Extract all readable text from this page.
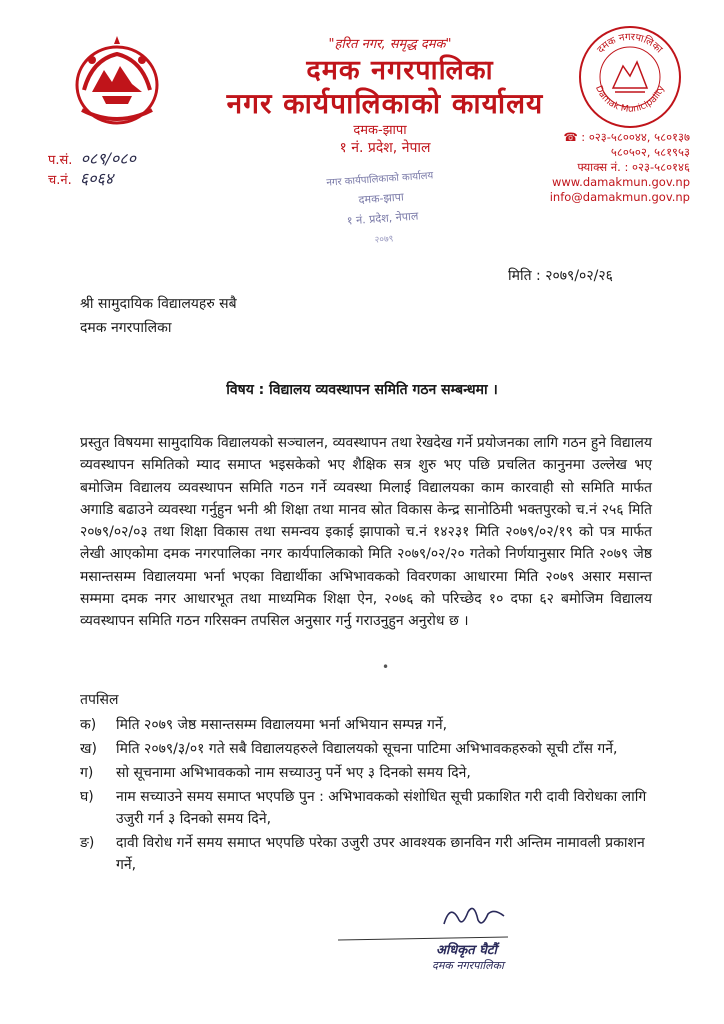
"हरित नगर, समृद्ध दमक"
दमक नगरपालिका
नगर कार्यपालिकाको कार्यालय
दमक-झापा
१ नं. प्रदेश, नेपाल
दमक नगरपालिका
Damak Municipality
☎ : ०२३-५८००४४, ५८०१३७
५८०५०२, ५८१९५३
फ्याक्स नं. : ०२३-५८०१४६
www.damakmun.gov.np
info@damakmun.gov.np
प.सं. ०८९/०८०
च.नं. ६०६४	नगर कार्यपालिकाको कार्यालय
दमक-झापा
१ नं. प्रदेश, नेपाल
२०७९
मिति : २०७९/०२/२६
श्री सामुदायिक विद्यालयहरु सबै
दमक नगरपालिका
विषय : विद्यालय व्यवस्थापन समिति गठन सम्बन्धमा ।
प्रस्तुत विषयमा सामुदायिक विद्यालयको सञ्चालन, व्यवस्थापन तथा रेखदेख गर्ने प्रयोजनका लागि गठन हुने विद्यालय व्यवस्थापन समितिको म्याद समाप्त भइसकेको भए शैक्षिक सत्र शुरु भए पछि प्रचलित कानुनमा उल्लेख भए बमोजिम विद्यालय व्यवस्थापन समिति गठन गर्ने व्यवस्था मिलाई विद्यालयका काम कारवाही सो समिति मार्फत अगाडि बढाउने व्यवस्था गर्नुहुन भनी श्री शिक्षा तथा मानव स्रोत विकास केन्द्र सानोठिमी भक्तपुरको च.नं २५६ मिति २०७९/०२/०३ तथा शिक्षा विकास तथा समन्वय इकाई झापाको च.नं १४२३१ मिति २०७९/०२/१९ को पत्र मार्फत लेखी आएकोमा दमक नगरपालिका नगर कार्यपालिकाको मिति २०७९/०२/२० गतेको निर्णयानुसार मिति २०७९ जेष्ठ मसान्तसम्म विद्यालयमा भर्ना भएका विद्यार्थीका अभिभावकको विवरणका आधारमा मिति २०७९ असार मसान्त सम्ममा दमक नगर आधारभूत तथा माध्यमिक शिक्षा ऐन, २०७६ को परिच्छेद १० दफा ६२ बमोजिम विद्यालय व्यवस्थापन समिति गठन गरिसक्न तपसिल अनुसार गर्नु गराउनुहुन अनुरोध छ ।
•
तपसिल
क)	मिति २०७९ जेष्ठ मसान्तसम्म विद्यालयमा भर्ना अभियान सम्पन्न गर्ने,
ख)	मिति २०७९/३/०१ गते सबै विद्यालयहरुले विद्यालयको सूचना पाटिमा अभिभावकहरुको सूची टाँस गर्ने,
ग)	सो सूचनामा अभिभावकको नाम सच्याउनु पर्ने भए ३ दिनको समय दिने,
घ)	नाम सच्याउने समय समाप्त भएपछि पुन : अभिभावकको संशोधित सूची प्रकाशित गरी दावी विरोधका लागि उजुरी गर्न ३ दिनको समय दिने,
ङ)	दावी विरोध गर्ने समय समाप्त भएपछि परेका उजुरी उपर आवश्यक छानविन गरी अन्तिम नामावली प्रकाशन गर्ने,
अधिकृत घैटौं
दमक नगरपालिका
